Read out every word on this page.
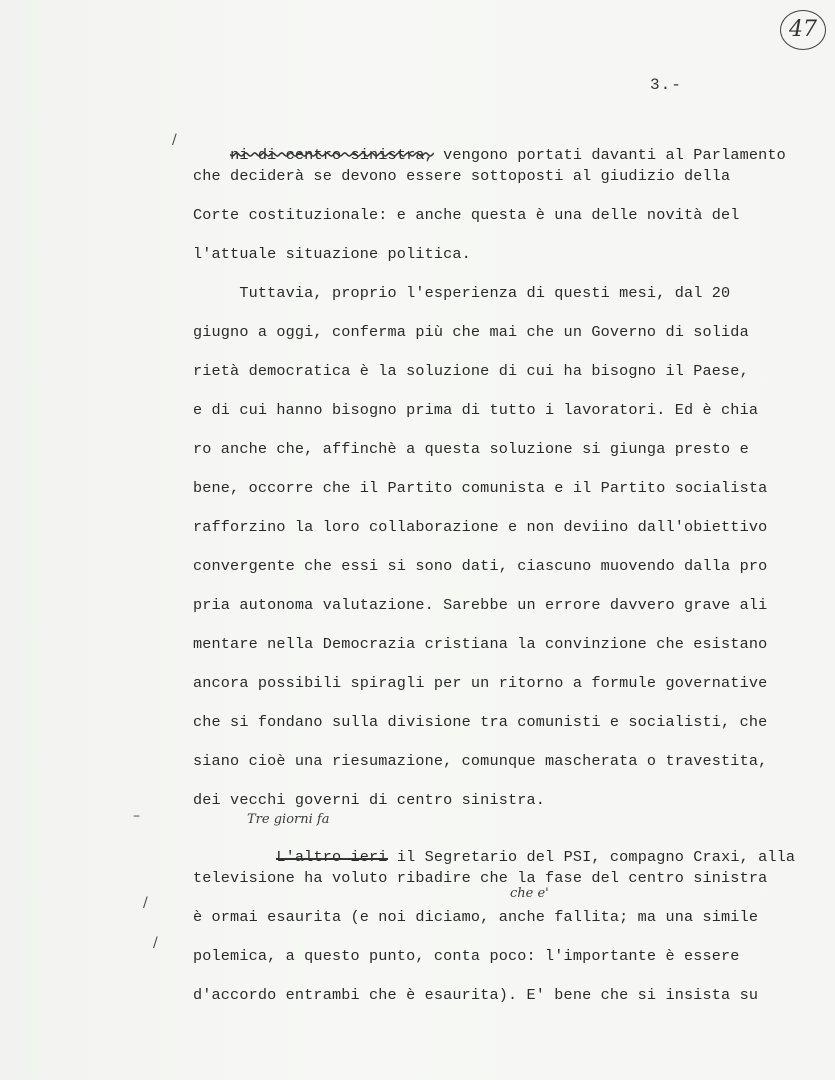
47
3.-
/
–
/
/
Tre giorni fa
che e'

ni di centro sinistra, vengono portati davanti al Parlamento

che deciderà se devono essere sottoposti al giudizio della
Corte costituzionale: e anche questa è una delle novità del
l'attuale situazione politica.
Tuttavia, proprio l'esperienza di questi mesi, dal 20
giugno a oggi, conferma più che mai che un Governo di solida
rietà democratica è la soluzione di cui ha bisogno il Paese,
e di cui hanno bisogno prima di tutto i lavoratori. Ed è chia
ro anche che, affinchè a questa soluzione si giunga presto e
bene, occorre che il Partito comunista e il Partito socialista
rafforzino la loro collaborazione e non deviino dall'obiettivo
convergente che essi si sono dati, ciascuno muovendo dalla pro
pria autonoma valutazione. Sarebbe un errore davvero grave ali
mentare nella Democrazia cristiana la convinzione che esistano
ancora possibili spiragli per un ritorno a formule governative
che si fondano sulla divisione tra comunisti e socialisti, che
siano cioè una riesumazione, comunque mascherata o travestita,
dei vecchi governi di centro sinistra.

L'altro ieri il Segretario del PSI, compagno Craxi, alla

televisione ha voluto ribadire che la fase del centro sinistra
è ormai esaurita (e noi diciamo, anche fallita; ma una simile
polemica, a questo punto, conta poco: l'importante è essere
d'accordo entrambi che è esaurita). E' bene che si insista su
